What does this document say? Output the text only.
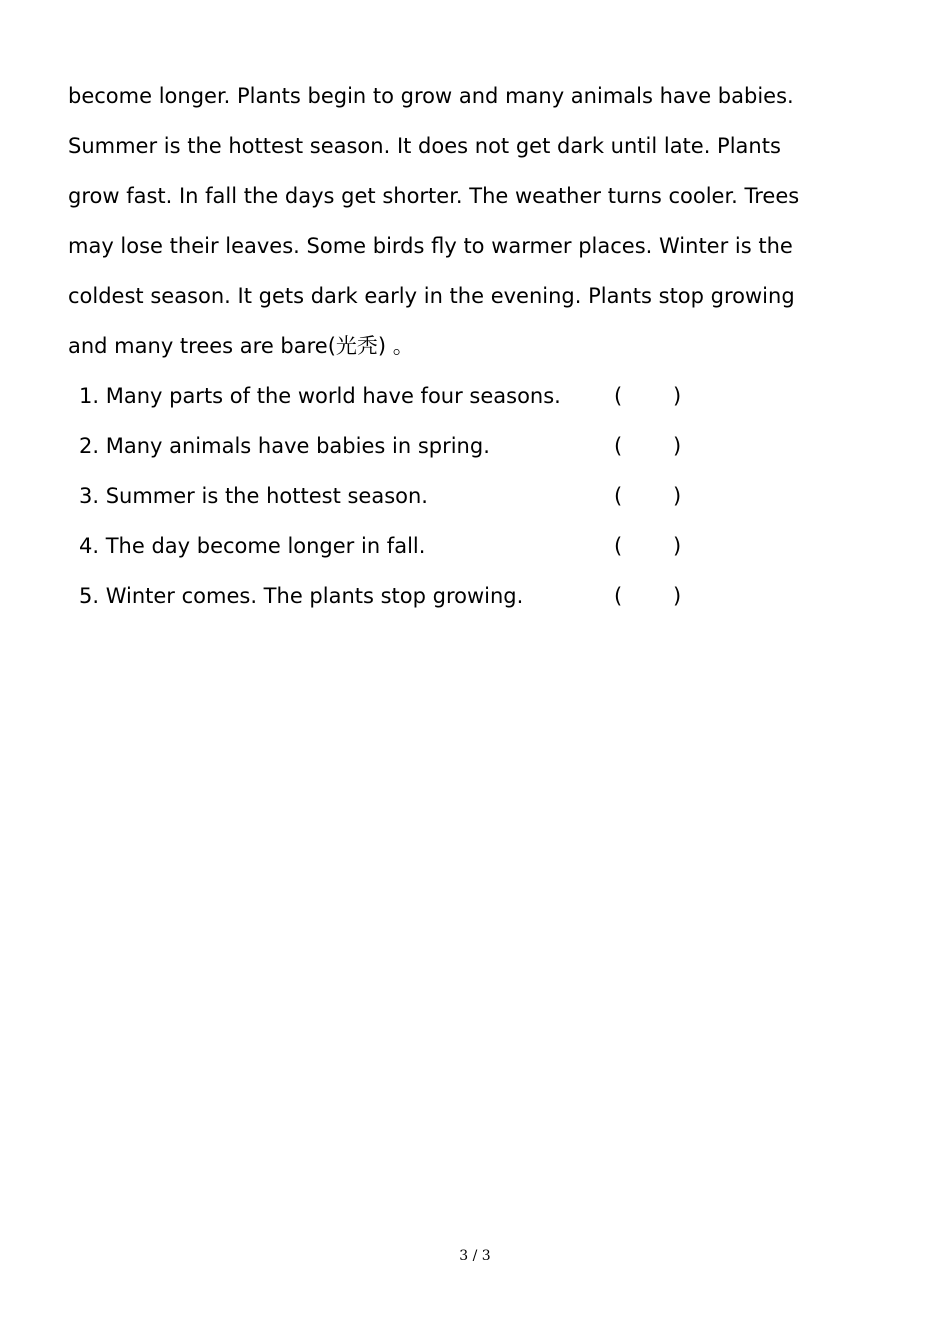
become longer. Plants begin to grow and many animals have babies.
Summer is the hottest season. It does not get dark until late. Plants
grow fast. In fall the days get shorter. The weather turns cooler. Trees
may lose their leaves. Some birds fly to warmer places. Winter is the
coldest season. It gets dark early in the evening. Plants stop growing
and many trees are bare(光秃) 。
1. Many parts of the world have four seasons.	( )
2. Many animals have babies in spring.	( )
3. Summer is the hottest season.	( )
4. The day become longer in fall.	( )
5. Winter comes. The plants stop growing.	( )
3 / 3
